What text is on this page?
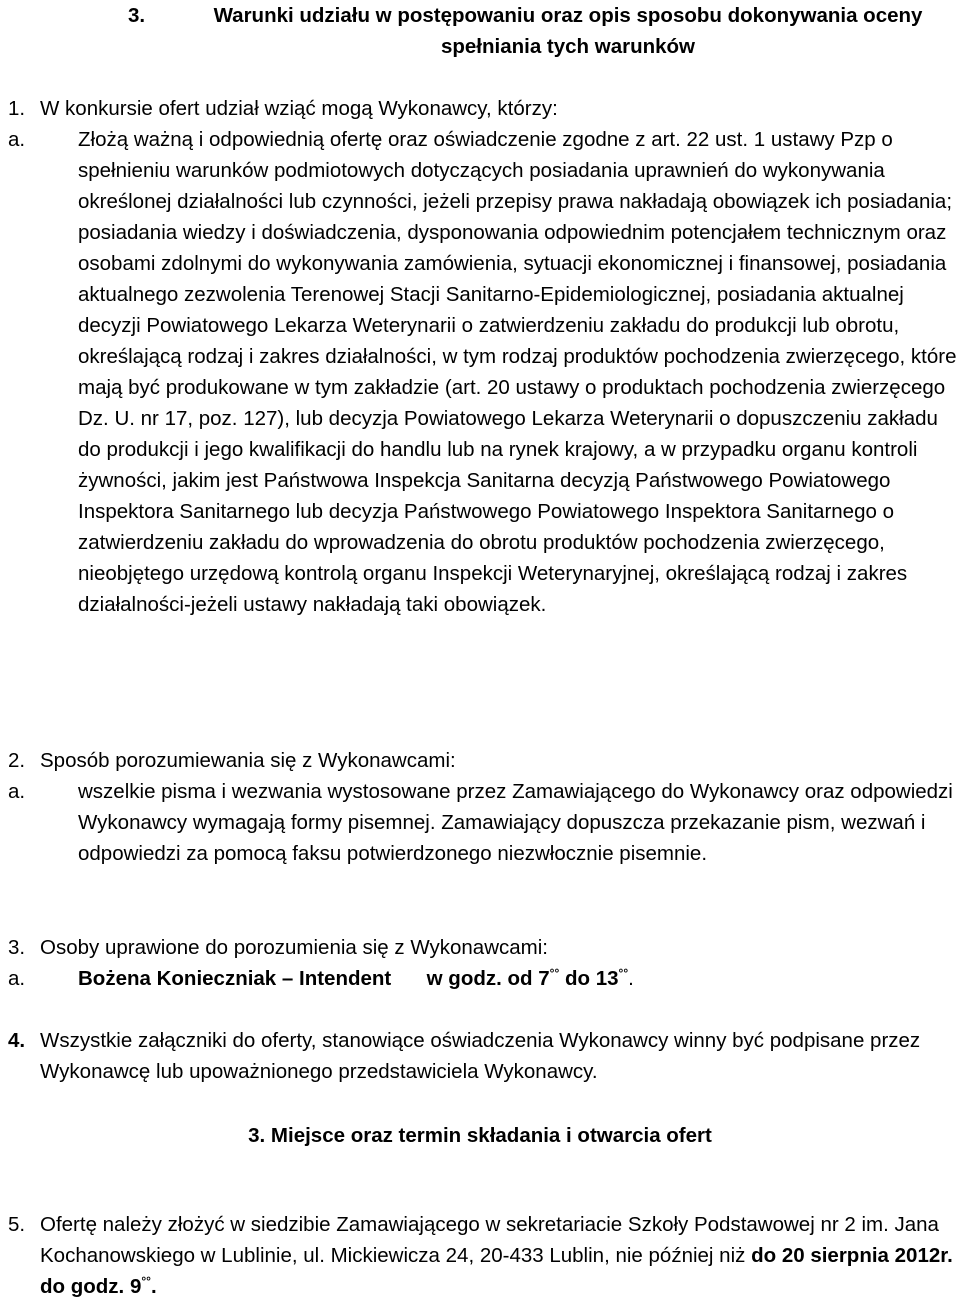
3.	Warunki udziału w postępowaniu oraz opis sposobu dokonywania oceny spełniania tych warunków
1. W konkursie ofert udział wziąć mogą Wykonawcy, którzy:
a.	Złożą ważną i odpowiednią ofertę oraz oświadczenie zgodne z art. 22 ust. 1 ustawy Pzp o spełnieniu warunków podmiotowych dotyczących posiadania uprawnień do wykonywania określonej działalności lub czynności, jeżeli przepisy prawa nakładają obowiązek ich posiadania; posiadania wiedzy i doświadczenia, dysponowania odpowiednim potencjałem technicznym oraz osobami zdolnymi do wykonywania zamówienia, sytuacji ekonomicznej i finansowej, posiadania aktualnego zezwolenia Terenowej Stacji Sanitarno-Epidemiologicznej, posiadania aktualnej decyzji Powiatowego Lekarza Weterynarii o zatwierdzeniu zakładu do produkcji lub obrotu, określającą rodzaj i zakres działalności, w tym rodzaj produktów pochodzenia zwierzęcego, które mają być produkowane w tym zakładzie (art. 20 ustawy o produktach pochodzenia zwierzęcego Dz. U. nr 17, poz. 127), lub decyzja Powiatowego Lekarza Weterynarii o dopuszczeniu zakładu do produkcji i jego kwalifikacji do handlu lub na rynek krajowy, a w przypadku organu kontroli żywności, jakim jest Państwowa Inspekcja Sanitarna decyzją Państwowego Powiatowego Inspektora Sanitarnego lub decyzja Państwowego Powiatowego Inspektora Sanitarnego o zatwierdzeniu zakładu do wprowadzenia do obrotu produktów pochodzenia zwierzęcego, nieobjętego urzędową kontrolą organu Inspekcji Weterynaryjnej, określającą rodzaj i zakres działalności-jeżeli ustawy nakładają taki obowiązek.
2. Sposób porozumiewania się z Wykonawcami:
a.	wszelkie pisma i wezwania wystosowane przez Zamawiającego do Wykonawcy oraz odpowiedzi Wykonawcy wymagają formy pisemnej. Zamawiający dopuszcza przekazanie pism, wezwań i odpowiedzi za pomocą faksu potwierdzonego niezwłocznie pisemnie.
3. Osoby uprawione do porozumienia się z Wykonawcami:
a.	Bożena Konieczniak – Intendent w godz. od 7°° do 13°°.
4. Wszystkie załączniki do oferty, stanowiące oświadczenia Wykonawcy winny być podpisane przez Wykonawcę lub upoważnionego przedstawiciela Wykonawcy.
3. Miejsce oraz termin składania i otwarcia ofert
5. Ofertę należy złożyć w siedzibie Zamawiającego w sekretariacie Szkoły Podstawowej nr 2 im. Jana Kochanowskiego w Lublinie, ul. Mickiewicza 24, 20-433 Lublin, nie później niż do 20 sierpnia 2012r. do godz. 9°°.
